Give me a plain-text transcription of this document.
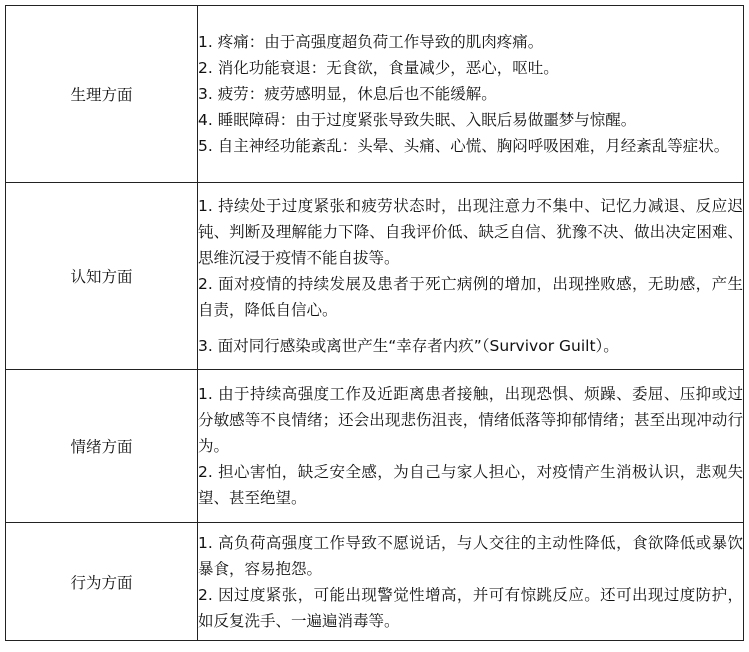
生理方面	1. 疼痛：由于高强度超负荷工作导致的肌肉疼痛。

2. 消化功能衰退：无食欲，食量减少，恶心，呕吐。

3. 疲劳：疲劳感明显，休息后也不能缓解。

4. 睡眠障碍：由于过度紧张导致失眠、入眠后易做噩梦与惊醒。

5. 自主神经功能紊乱：头晕、头痛、心慌、胸闷呼吸困难，月经紊乱等症状。

认知方面	1. 持续处于过度紧张和疲劳状态时，出现注意力不集中、记忆力减退、反应迟钝、判断及理解能力下降、自我评价低、缺乏自信、犹豫不决、做出决定困难、思维沉浸于疫情不能自拔等。

2. 面对疫情的持续发展及患者于死亡病例的增加，出现挫败感，无助感，产生自责，降低自信心。

3. 面对同行感染或离世产生“幸存者内疚”（Survivor Guilt）。

情绪方面	1. 由于持续高强度工作及近距离患者接触，出现恐惧、烦躁、委屈、压抑或过分敏感等不良情绪；还会出现悲伤沮丧，情绪低落等抑郁情绪；甚至出现冲动行为。

2. 担心害怕，缺乏安全感，为自己与家人担心，对疫情产生消极认识，悲观失望、甚至绝望。

行为方面	1. 高负荷高强度工作导致不愿说话，与人交往的主动性降低，食欲降低或暴饮暴食，容易抱怨。

2. 因过度紧张，可能出现警觉性增高，并可有惊跳反应。还可出现过度防护，如反复洗手、一遍遍消毒等。
